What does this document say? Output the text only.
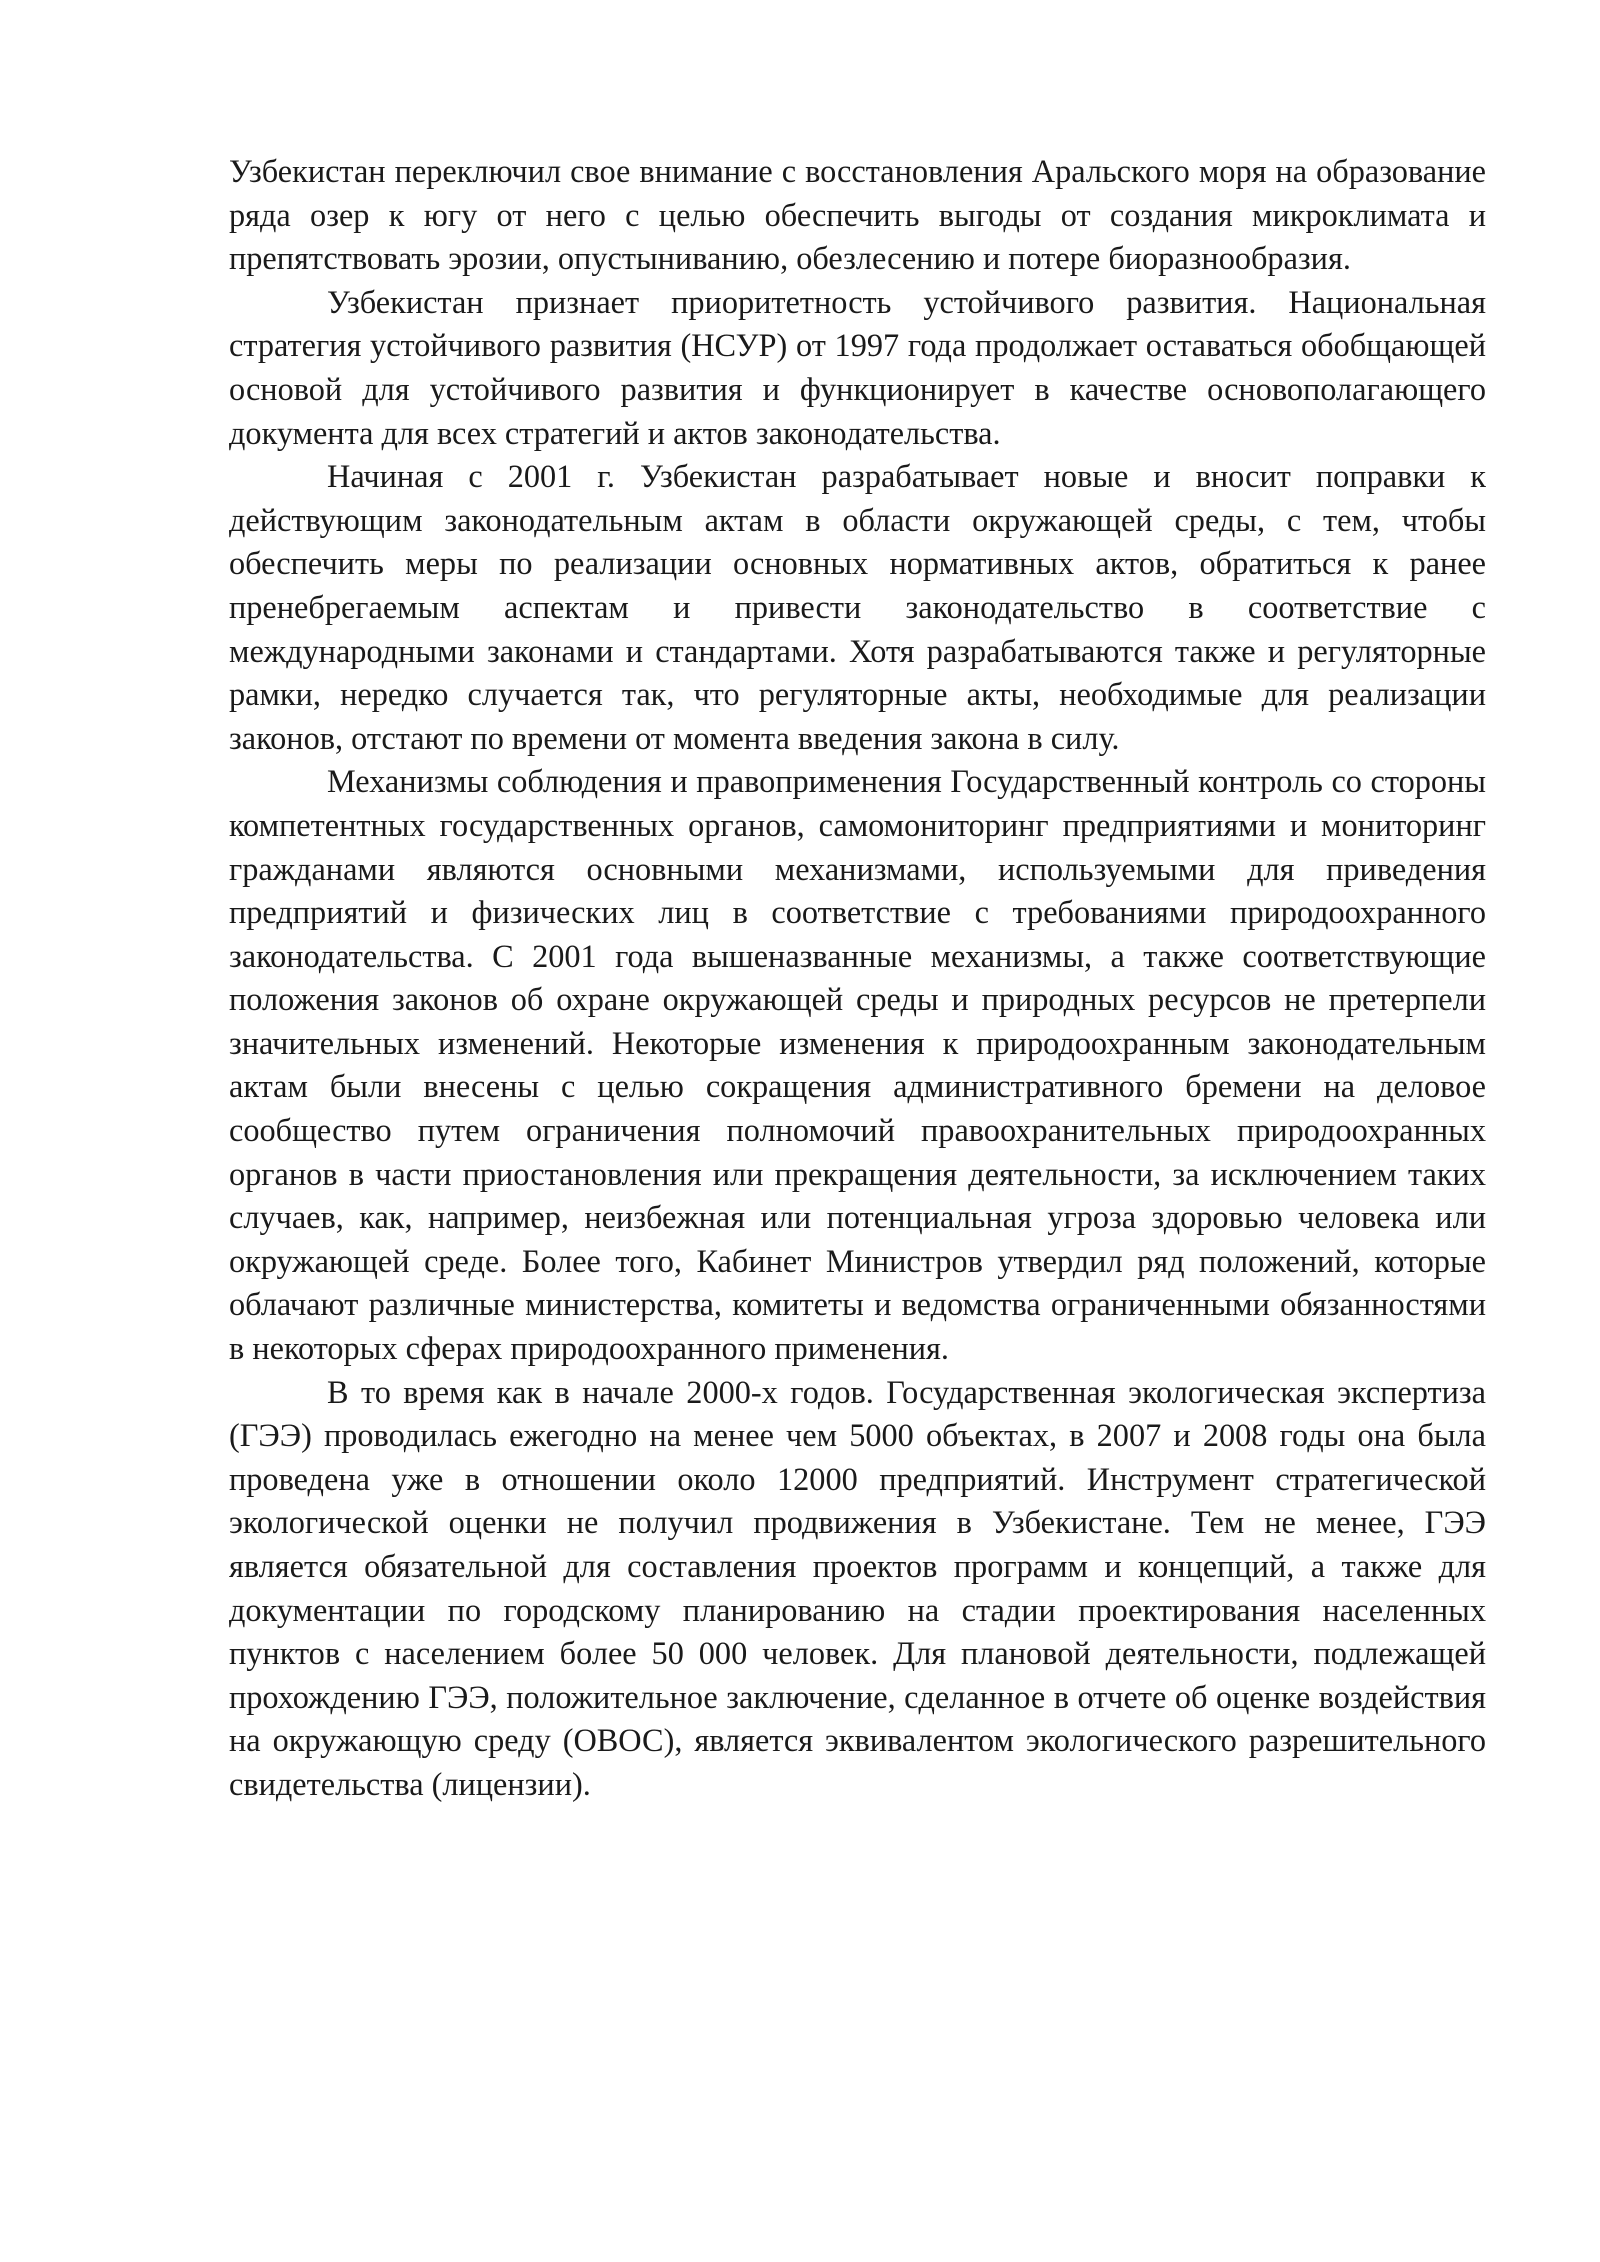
Узбекистан переключил свое внимание с восстановления Аральского моря на образование ряда озер к югу от него с целью обеспечить выгоды от создания микроклимата и препятствовать эрозии, опустыниванию, обезлесению и потере биоразнообразия.

Узбекистан признает приоритетность устойчивого развития. Национальная стратегия устойчивого развития (НСУР) от 1997 года продолжает оставаться обобщающей основой для устойчивого развития и функционирует в качестве основополагающего документа для всех стратегий и актов законодательства.

Начиная с 2001 г. Узбекистан разрабатывает новые и вносит поправки к действующим законодательным актам в области окружающей среды, с тем, чтобы обеспечить меры по реализации основных нормативных актов, обратиться к ранее пренебрегаемым аспектам и привести законодательство в соответствие с международными законами и стандартами. Хотя разрабатываются также и регуляторные рамки, нередко случается так, что регуляторные акты, необходимые для реализации законов, отстают по времени от момента введения закона в силу.

Механизмы соблюдения и правоприменения Государственный контроль со стороны компетентных государственных органов, самомониторинг предприятиями и мониторинг гражданами являются основными механизмами, используемыми для приведения предприятий и физических лиц в соответствие с требованиями природоохранного законодательства. С 2001 года вышеназванные механизмы, а также соответствующие положения законов об охране окружающей среды и природных ресурсов не претерпели значительных изменений. Некоторые изменения к природоохранным законодательным актам были внесены с целью сокращения административного бремени на деловое сообщество путем ограничения полномочий правоохранительных природоохранных органов в части приостановления или прекращения деятельности, за исключением таких случаев, как, например, неизбежная или потенциальная угроза здоровью человека или окружающей среде. Более того, Кабинет Министров утвердил ряд положений, которые облачают различные министерства, комитеты и ведомства ограниченными обязанностями в некоторых сферах природоохранного применения.

В то время как в начале 2000-х годов. Государственная экологическая экспертиза (ГЭЭ) проводилась ежегодно на менее чем 5000 объектах, в 2007 и 2008 годы она была проведена уже в отношении около 12000 предприятий. Инструмент стратегической экологической оценки не получил продвижения в Узбекистане. Тем не менее, ГЭЭ является обязательной для составления проектов программ и концепций, а также для документации по городскому планированию на стадии проектирования населенных пунктов с населением более 50 000 человек. Для плановой деятельности, подлежащей прохождению ГЭЭ, положительное заключение, сделанное в отчете об оценке воздействия на окружающую среду (ОВОС), является эквивалентом экологического разрешительного свидетельства (лицензии).
